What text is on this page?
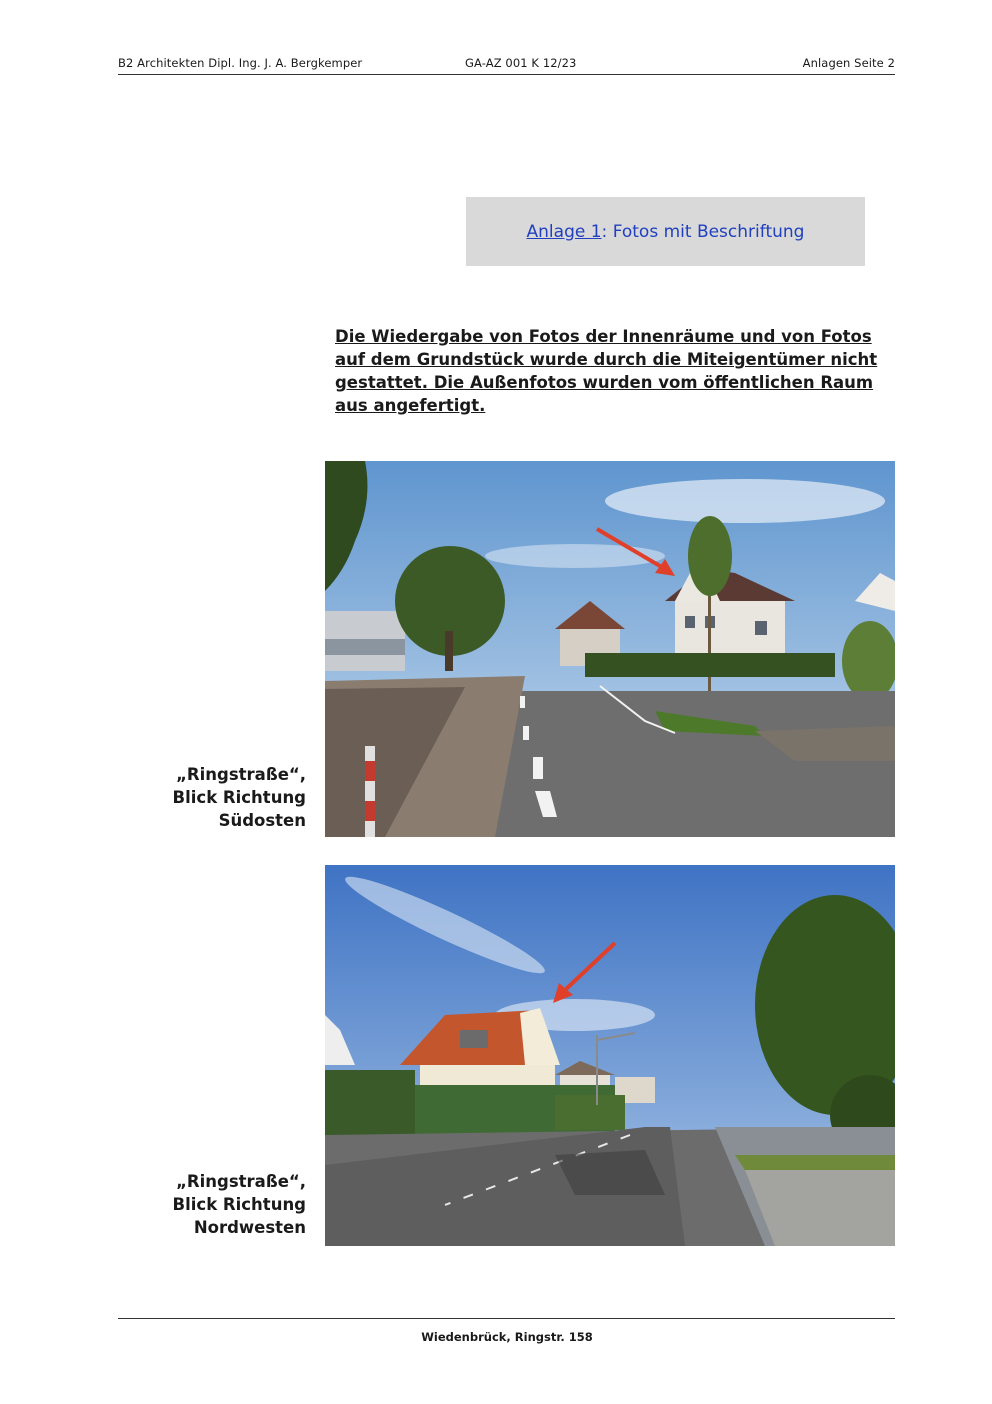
B2 Architekten Dipl. Ing. J. A. Bergkemper	GA-AZ 001 K 12/23	Anlagen Seite 2
Anlage 1 :
Fotos mit Beschriftung
Die Wiedergabe von Fotos der Innenräume und von Fotos auf dem Grundstück wurde durch die Miteigentümer nicht gestattet. Die Außenfotos wurden vom öffentlichen Raum aus angefertigt.
„Ringstraße“,
Blick Richtung
Südosten
„Ringstraße“,
Blick Richtung
Nordwesten
Wiedenbrück, Ringstr. 158
